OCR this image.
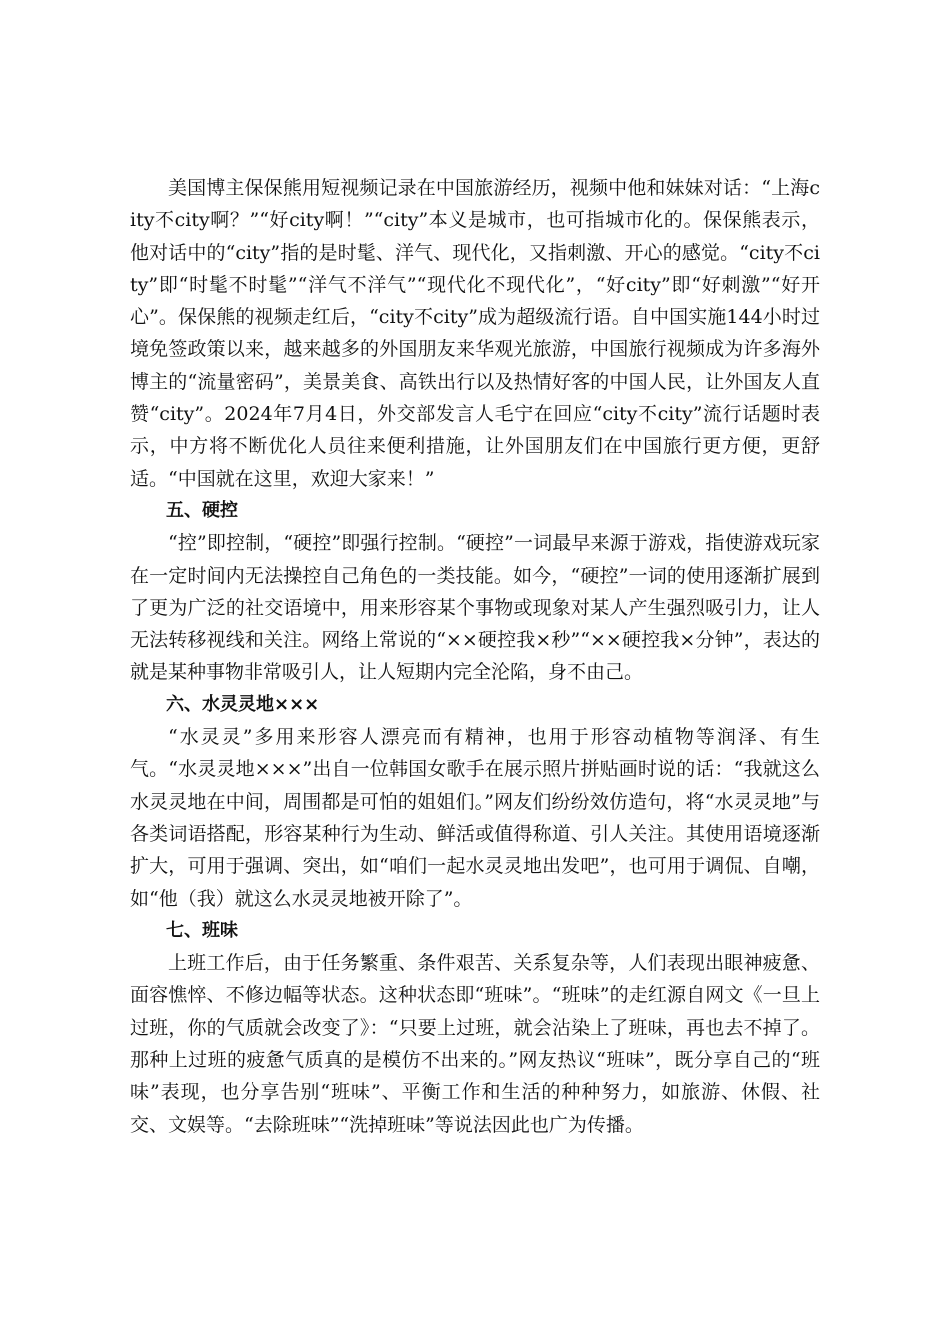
美国博主保保熊用短视频记录在中国旅游经历，视频中他和妹妹对话：“上海city不city啊？”“好city啊！”“city”本义是城市，也可指城市化的。保保熊表示，他对话中的“city”指的是时髦、洋气、现代化，又指刺激、开心的感觉。“city不city”即“时髦不时髦”“洋气不洋气”“现代化不现代化”，“好city”即“好刺激”“好开心”。保保熊的视频走红后，“city不city”成为超级流行语。自中国实施144小时过境免签政策以来，越来越多的外国朋友来华观光旅游，中国旅行视频成为许多海外博主的“流量密码”，美景美食、高铁出行以及热情好客的中国人民，让外国友人直赞“city”。2024年7月4日，外交部发言人毛宁在回应“city不city”流行话题时表示，中方将不断优化人员往来便利措施，让外国朋友们在中国旅行更方便，更舒适。“中国就在这里，欢迎大家来！”

五、硬控

“控”即控制，“硬控”即强行控制。“硬控”一词最早来源于游戏，指使游戏玩家在一定时间内无法操控自己角色的一类技能。如今，“硬控”一词的使用逐渐扩展到了更为广泛的社交语境中，用来形容某个事物或现象对某人产生强烈吸引力，让人无法转移视线和关注。网络上常说的“××硬控我×秒”“××硬控我×分钟”，表达的就是某种事物非常吸引人，让人短期内完全沦陷，身不由己。

六、水灵灵地×××

“水灵灵”多用来形容人漂亮而有精神，也用于形容动植物等润泽、有生气。“水灵灵地×××”出自一位韩国女歌手在展示照片拼贴画时说的话：“我就这么水灵灵地在中间，周围都是可怕的姐姐们。”网友们纷纷效仿造句，将“水灵灵地”与各类词语搭配，形容某种行为生动、鲜活或值得称道、引人关注。其使用语境逐渐扩大，可用于强调、突出，如“咱们一起水灵灵地出发吧”，也可用于调侃、自嘲，如“他（我）就这么水灵灵地被开除了”。

七、班味

上班工作后，由于任务繁重、条件艰苦、关系复杂等，人们表现出眼神疲惫、面容憔悴、不修边幅等状态。这种状态即“班味”。“班味”的走红源自网文《一旦上过班，你的气质就会改变了》：“只要上过班，就会沾染上了班味，再也去不掉了。那种上过班的疲惫气质真的是模仿不出来的。”网友热议“班味”，既分享自己的“班味”表现，也分享告别“班味”、平衡工作和生活的种种努力，如旅游、休假、社交、文娱等。“去除班味”“洗掉班味”等说法因此也广为传播。
